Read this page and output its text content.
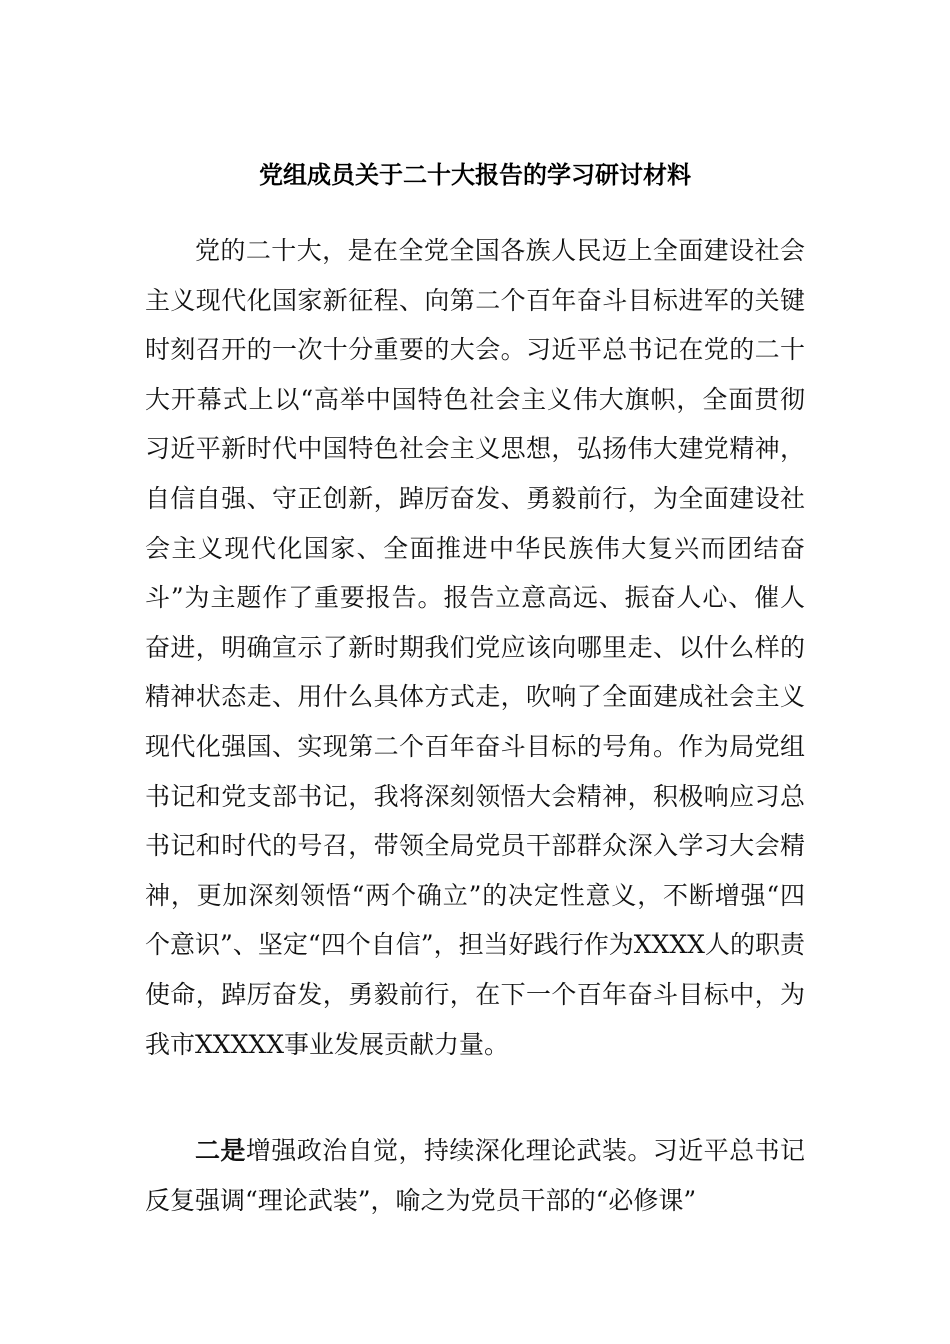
党组成员关于二十大报告的学习研讨材料

党的二十大，是在全党全国各族人民迈上全面建设社会主义现代化国家新征程、向第二个百年奋斗目标进军的关键时刻召开的一次十分重要的大会。习近平总书记在党的二十大开幕式上以“高举中国特色社会主义伟大旗帜，全面贯彻习近平新时代中国特色社会主义思想，弘扬伟大建党精神，自信自强、守正创新，踔厉奋发、勇毅前行，为全面建设社会主义现代化国家、全面推进中华民族伟大复兴而团结奋斗”为主题作了重要报告。报告立意高远、振奋人心、催人奋进，明确宣示了新时期我们党应该向哪里走、以什么样的精神状态走、用什么具体方式走，吹响了全面建成社会主义现代化强国、实现第二个百年奋斗目标的号角。作为局党组书记和党支部书记，我将深刻领悟大会精神，积极响应习总书记和时代的号召，带领全局党员干部群众深入学习大会精神，更加深刻领悟“两个确立”的决定性意义，不断增强“四个意识”、坚定“四个自信”，担当好践行作为XXXX人的职责使命，踔厉奋发，勇毅前行，在下一个百年奋斗目标中，为我市XXXXX事业发展贡献力量。

二是增强政治自觉，持续深化理论武装。习近平总书记反复强调“理论武装”，喻之为党员干部的“必修课”
